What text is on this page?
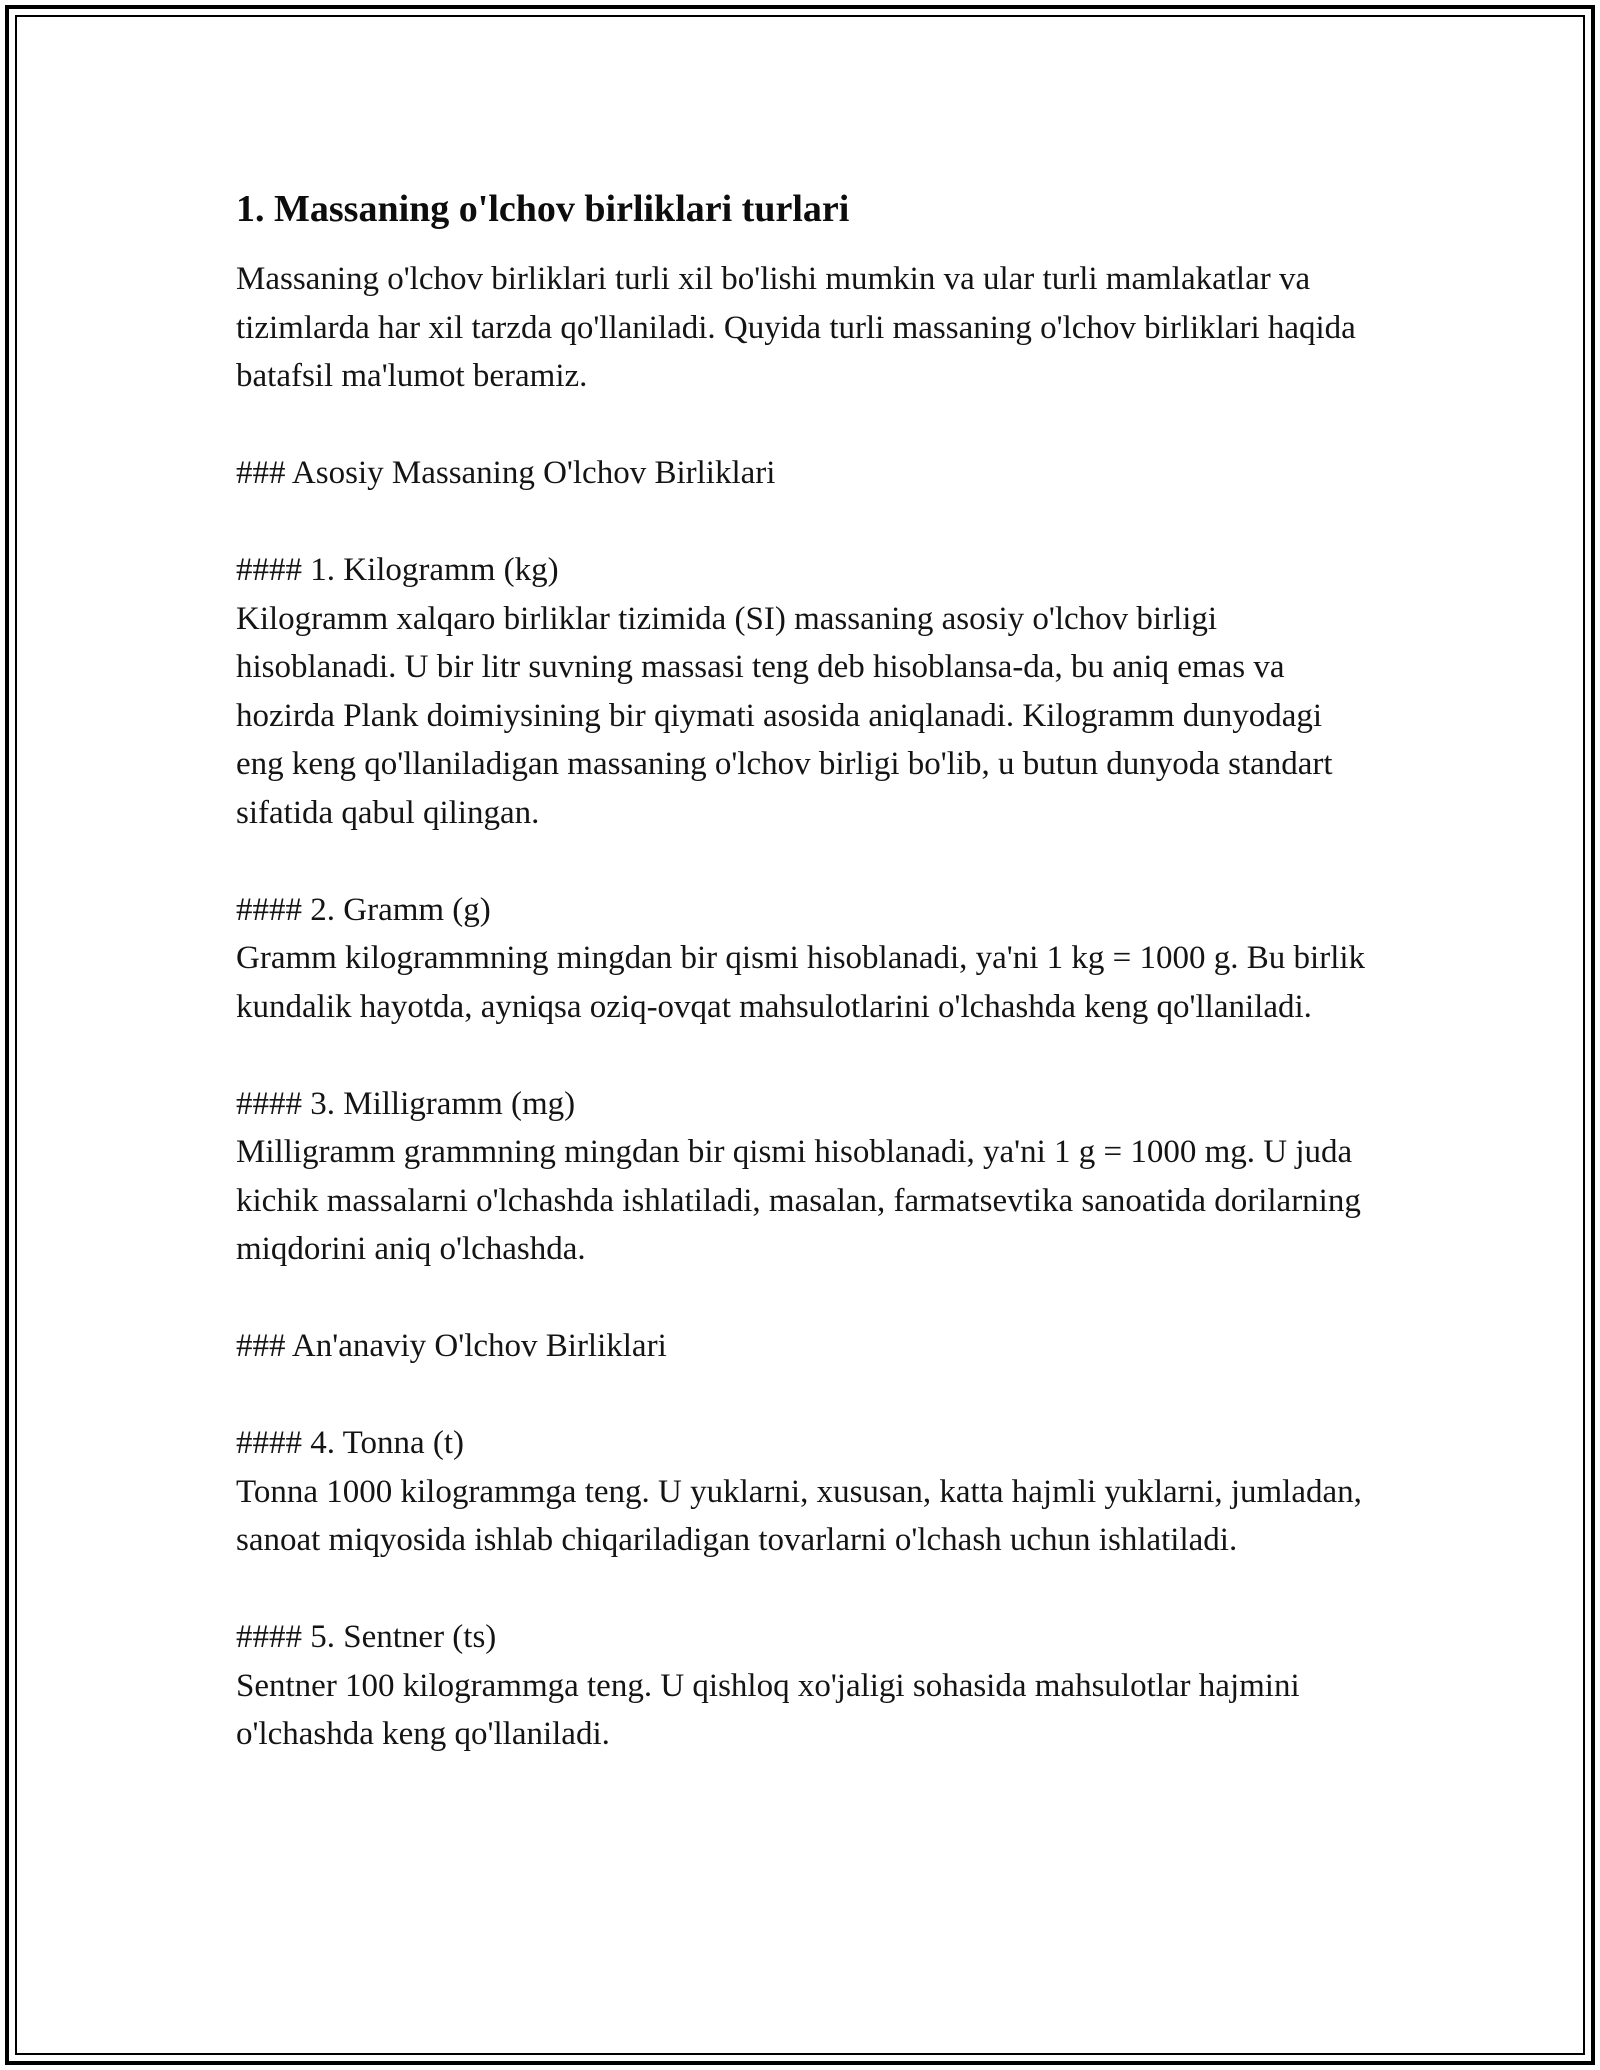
1. Massaning o'lchov birliklari turlari

Massaning o'lchov birliklari turli xil bo'lishi mumkin va ular turli mamlakatlar va tizimlarda har xil tarzda qo'llaniladi. Quyida turli massaning o'lchov birliklari haqida batafsil ma'lumot beramiz.

### Asosiy Massaning O'lchov Birliklari

#### 1. Kilogramm (kg)

Kilogramm xalqaro birliklar tizimida (SI) massaning asosiy o'lchov birligi hisoblanadi. U bir litr suvning massasi teng deb hisoblansa-da, bu aniq emas va hozirda Plank doimiysining bir qiymati asosida aniqlanadi. Kilogramm dunyodagi eng keng qo'llaniladigan massaning o'lchov birligi bo'lib, u butun dunyoda standart sifatida qabul qilingan.

#### 2. Gramm (g)

Gramm kilogrammning mingdan bir qismi hisoblanadi, ya'ni 1 kg = 1000 g. Bu birlik kundalik hayotda, ayniqsa oziq-ovqat mahsulotlarini o'lchashda keng qo'llaniladi.

#### 3. Milligramm (mg)

Milligramm grammning mingdan bir qismi hisoblanadi, ya'ni 1 g = 1000 mg. U juda kichik massalarni o'lchashda ishlatiladi, masalan, farmatsevtika sanoatida dorilarning miqdorini aniq o'lchashda.

### An'anaviy O'lchov Birliklari

#### 4. Tonna (t)

Tonna 1000 kilogrammga teng. U yuklarni, xususan, katta hajmli yuklarni, jumladan, sanoat miqyosida ishlab chiqariladigan tovarlarni o'lchash uchun ishlatiladi.

#### 5. Sentner (ts)

Sentner 100 kilogrammga teng. U qishloq xo'jaligi sohasida mahsulotlar hajmini o'lchashda keng qo'llaniladi.
